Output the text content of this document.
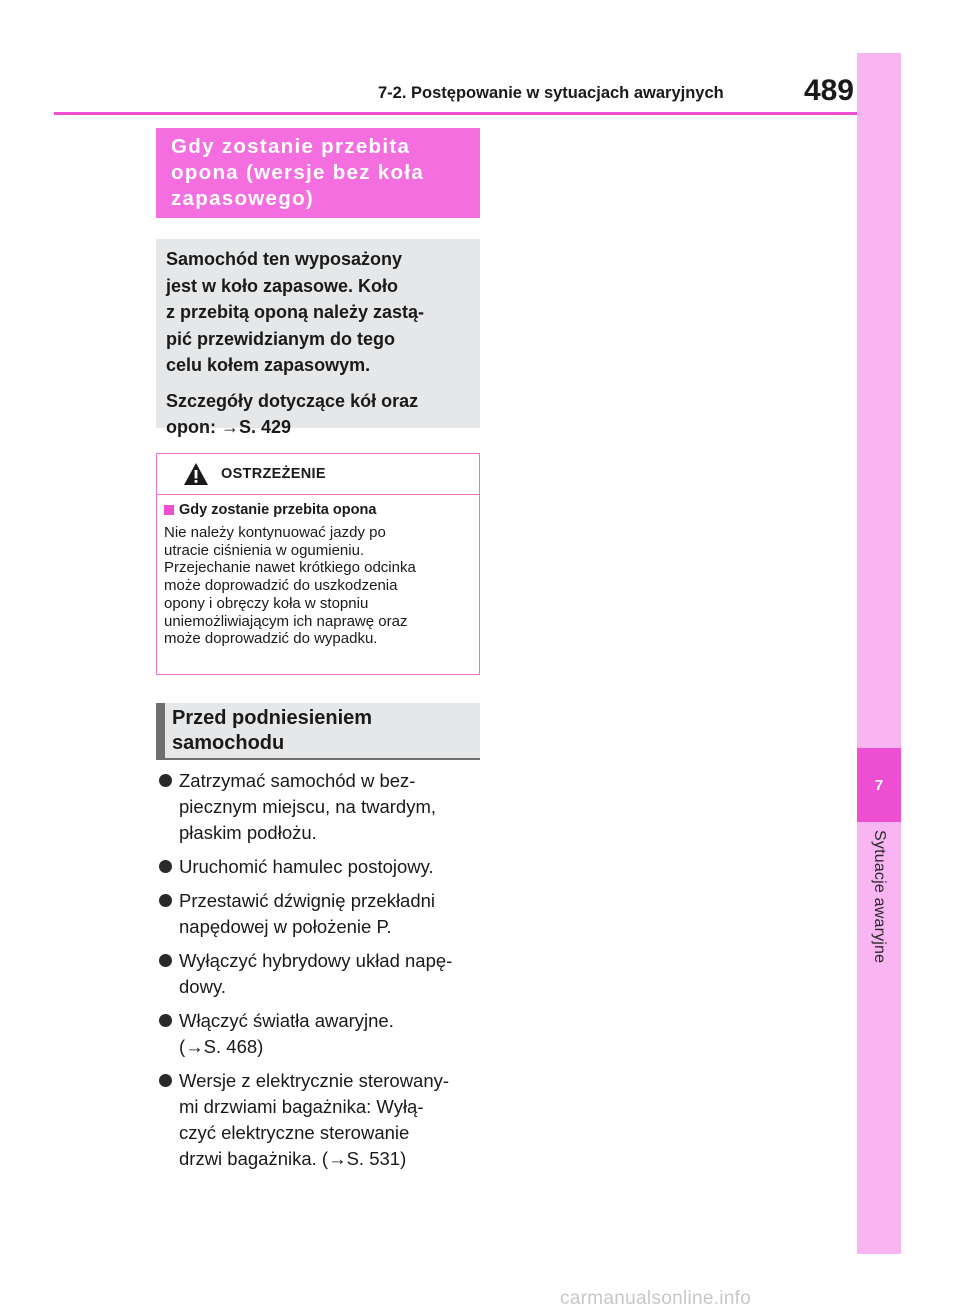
7
Sytuacje awaryjne
7-2. Postępowanie w sytuacjach awaryjnych	489
Gdy zostanie przebita
opona (wersje bez koła
zapasowego)

Samochód ten wyposażony
jest w koło zapasowe. Koło
z przebitą oponą należy zastą-
pić przewidzianym do tego
celu kołem zapasowym.

Szczegóły dotyczące kół oraz
opon: →S. 429

OSTRZEŻENIE
Gdy zostanie przebita opona
Nie należy kontynuować jazdy po
utracie ciśnienia w ogumieniu.
Przejechanie nawet krótkiego odcinka
może doprowadzić do uszkodzenia
opony i obręczy koła w stopniu
uniemożliwiającym ich naprawę oraz
może doprowadzić do wypadku.
Przed podniesieniem
samochodu
Zatrzymać samochód w bez-
piecznym miejscu, na twardym,
płaskim podłożu.
Uruchomić hamulec postojowy.
Przestawić dźwignię przekładni
napędowej w położenie P.
Wyłączyć hybrydowy układ napę-
dowy.
Włączyć światła awaryjne.
(→S. 468)
Wersje z elektrycznie sterowany-
mi drzwiami bagażnika: Wyłą-
czyć elektryczne sterowanie
drzwi bagażnika. (→S. 531)
carmanualsonline.info
